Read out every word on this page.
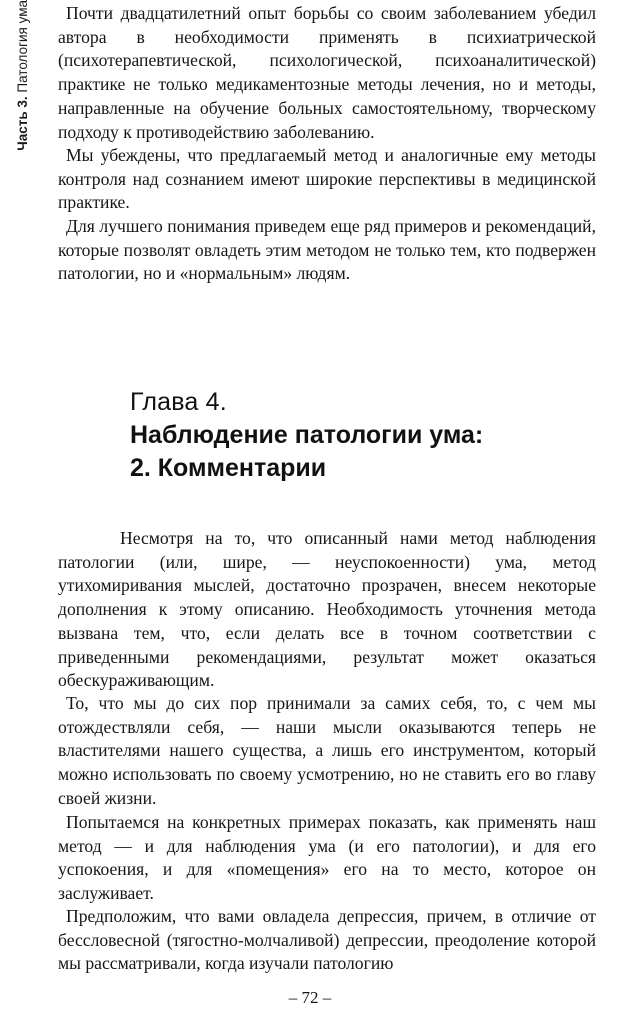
Часть 3. Патология ума	Почти двадцатилетний опыт борьбы со своим заболеванием убедил автора в необходимости применять в психиатрической (психотерапевтической, психологической, психоаналитической) практике не только медикаментозные методы лечения, но и методы, направленные на обучение больных самостоятельному, творческому подходу к противодействию заболеванию.

Мы убеждены, что предлагаемый метод и аналогичные ему методы контроля над сознанием имеют широкие перспективы в медицинской практике.

Для лучшего понимания приведем еще ряд примеров и рекомендаций, которые позволят овладеть этим методом не только тем, кто подвержен патологии, но и «нормальным» людям.

Глава 4.
Наблюдение патологии ума:
2. Комментарии

Несмотря на то, что описанный нами метод наблюдения патологии (или, шире, — неуспокоенности) ума, метод утихомиривания мыслей, достаточно прозрачен, внесем некоторые дополнения к этому описанию. Необходимость уточнения метода вызвана тем, что, если делать все в точном соответствии с приведенными рекомендациями, результат может оказаться обескураживающим.

То, что мы до сих пор принимали за самих себя, то, с чем мы отождествляли себя, — наши мысли оказываются теперь не властителями нашего существа, а лишь его инструментом, который можно использовать по своему усмотрению, но не ставить его во главу своей жизни.

Попытаемся на конкретных примерах показать, как применять наш метод — и для наблюдения ума (и его патологии), и для его успокоения, и для «помещения» его на то место, которое он заслуживает.

Предположим, что вами овладела депрессия, причем, в отличие от бессловесной (тягостно-молчаливой) депрессии, преодоление которой мы рассматривали, когда изучали патологию

– 72 –
